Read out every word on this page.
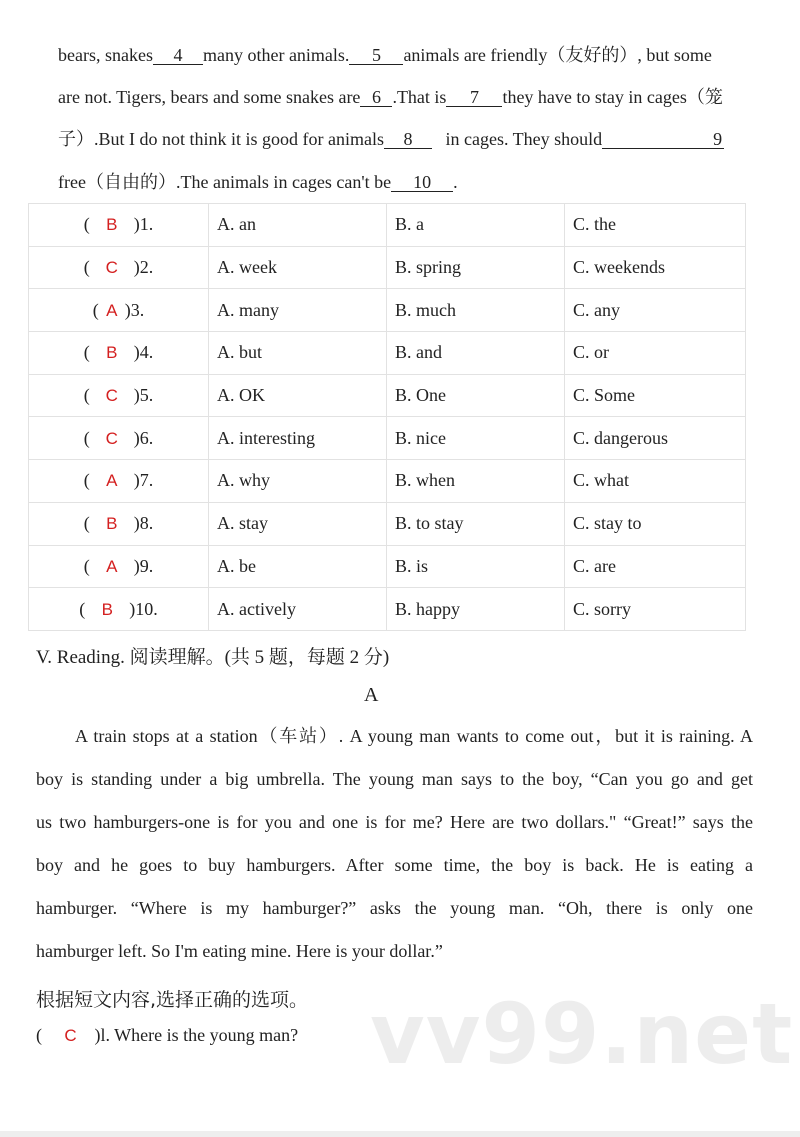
bears, snakes 4 many other animals. 5 animals are friendly（友好的）, but some
are not. Tigers, bears and some snakes are 6 .That is 7 they have to stay in cages（笼
子）.But I do not think it is good for animals 8   in cages. They should	9
free（自由的）.The animals in cages can't be 10 .
( B )1.	A. an	B. a	C. the
( C )2.	A. week	B. spring	C. weekends
( A )3.	A. many	B. much	C. any
( B )4.	A. but	B. and	C. or
( C )5.	A. OK	B. One	C. Some
( C )6.	A. interesting	B. nice	C. dangerous
( A )7.	A. why	B. when	C. what
( B )8.	A. stay	B. to stay	C. stay to
( A )9.	A. be	B. is	C. are
( B )10.	A. actively	B. happy	C. sorry
V. Reading. 阅读理解。(共 5 题，每题 2 分)
A
A train stops at a station（车站）. A young man wants to come out，but it is raining. A
boy is standing under a big umbrella. The young man says to the boy, “Can you go and get
us two hamburgers-one is for you and one is for me? Here are two dollars." “Great!” says the
boy and he goes to buy hamburgers. After some time, the boy is back. He is eating a
hamburger. “Where is my hamburger?” asks the young man. “Oh, there is only one
hamburger left. So I'm eating mine. Here is your dollar.”
根据短文内容,选择正确的选项。
( C )l. Where is the young man? vv99.net
